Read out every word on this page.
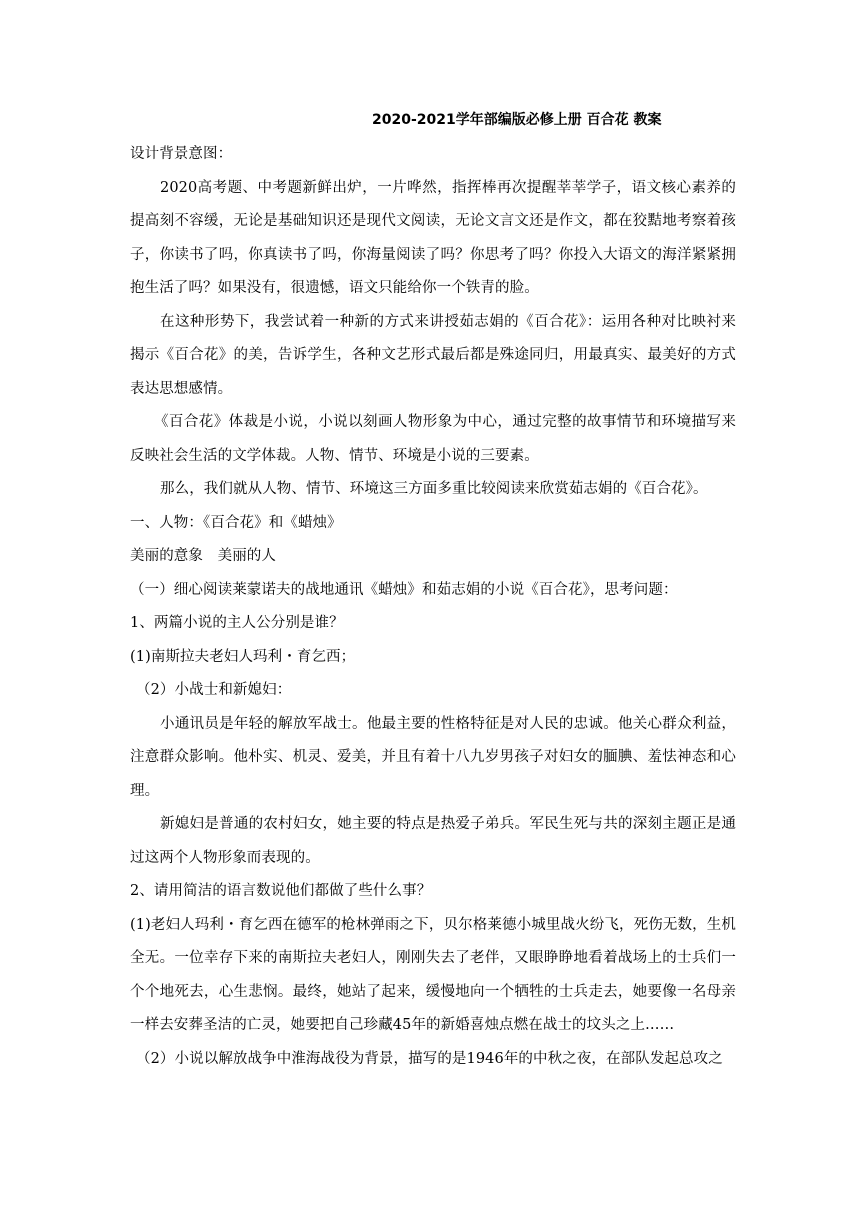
2020-2021学年部编版必修上册 百合花 教案

设计背景意图：

2020高考题、中考题新鲜出炉，一片哗然，指挥棒再次提醒莘莘学子，语文核心素养的提高刻不容缓，无论是基础知识还是现代文阅读，无论文言文还是作文，都在狡黠地考察着孩子，你读书了吗，你真读书了吗，你海量阅读了吗？你思考了吗？你投入大语文的海洋紧紧拥抱生活了吗？如果没有，很遗憾，语文只能给你一个铁青的脸。

在这种形势下，我尝试着一种新的方式来讲授茹志娟的《百合花》：运用各种对比映衬来揭示《百合花》的美，告诉学生，各种文艺形式最后都是殊途同归，用最真实、最美好的方式表达思想感情。

《百合花》体裁是小说，小说以刻画人物形象为中心，通过完整的故事情节和环境描写来反映社会生活的文学体裁。人物、情节、环境是小说的三要素。

那么，我们就从人物、情节、环境这三方面多重比较阅读来欣赏茹志娟的《百合花》。

一、人物：《百合花》和《蜡烛》

美丽的意象　美丽的人

（一）细心阅读莱蒙诺夫的战地通讯《蜡烛》和茹志娟的小说《百合花》，思考问题：

1、两篇小说的主人公分别是谁？

(1)南斯拉夫老妇人玛利・育乞西；

（2）小战士和新媳妇：

小通讯员是年轻的解放军战士。他最主要的性格特征是对人民的忠诚。他关心群众利益，注意群众影响。他朴实、机灵、爱美，并且有着十八九岁男孩子对妇女的腼腆、羞怯神态和心理。

新媳妇是普通的农村妇女，她主要的特点是热爱子弟兵。军民生死与共的深刻主题正是通过这两个人物形象而表现的。

2、请用简洁的语言数说他们都做了些什么事？

(1)老妇人玛利・育乞西在德军的枪林弹雨之下，贝尔格莱德小城里战火纷飞，死伤无数，生机全无。一位幸存下来的南斯拉夫老妇人，刚刚失去了老伴，又眼睁睁地看着战场上的士兵们一个个地死去，心生悲悯。最终，她站了起来，缓慢地向一个牺牲的士兵走去，她要像一名母亲一样去安葬圣洁的亡灵，她要把自己珍藏45年的新婚喜烛点燃在战士的坟头之上……

（2）小说以解放战争中淮海战役为背景，描写的是1946年的中秋之夜，在部队发起总攻之
